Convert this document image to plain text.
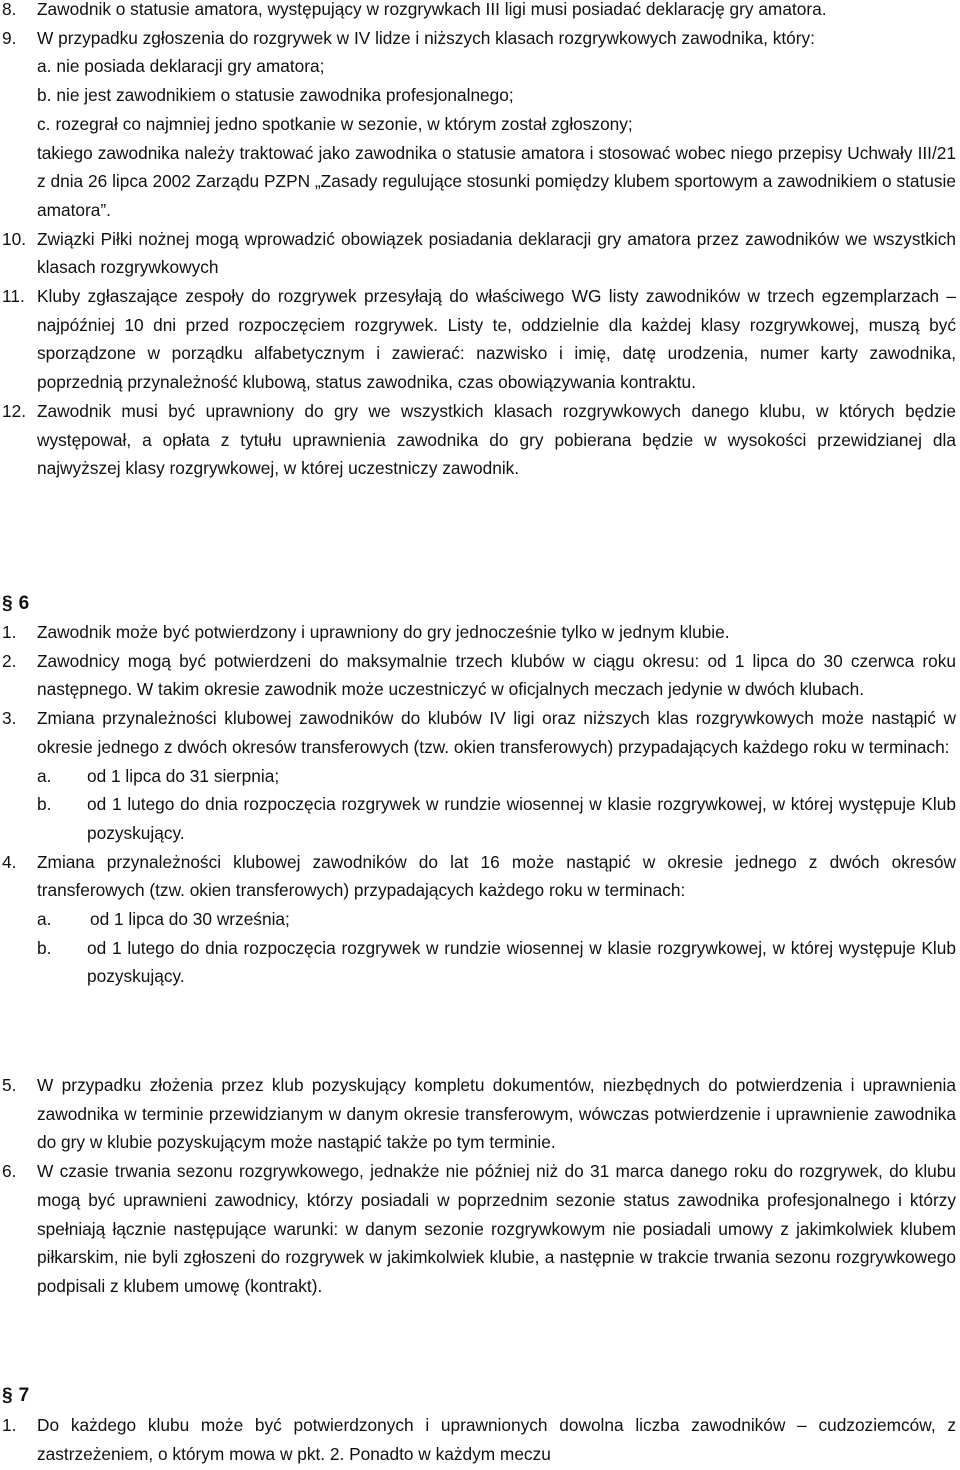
8.	Zawodnik o statusie amatora, występujący w rozgrywkach III ligi musi posiadać deklarację gry amatora.
9.	W przypadku zgłoszenia do rozgrywek w IV lidze i niższych klasach rozgrywkowych zawodnika, który:
a. nie posiada deklaracji gry amatora;
b. nie jest zawodnikiem o statusie zawodnika profesjonalnego;
c. rozegrał co najmniej jedno spotkanie w sezonie, w którym został zgłoszony;
takiego zawodnika należy traktować jako zawodnika o statusie amatora i stosować wobec niego przepisy Uchwały III/21 z dnia 26 lipca 2002 Zarządu PZPN „Zasady regulujące stosunki pomiędzy klubem sportowym a zawodnikiem o statusie amatora”.
10. Związki Piłki nożnej mogą wprowadzić obowiązek posiadania deklaracji gry amatora przez zawodników we wszystkich klasach rozgrywkowych
11. Kluby zgłaszające zespoły do rozgrywek przesyłają do właściwego WG listy zawodników w trzech egzemplarzach – najpóźniej 10 dni przed rozpoczęciem rozgrywek. Listy te, oddzielnie dla każdej klasy rozgrywkowej, muszą być sporządzone w porządku alfabetycznym i zawierać: nazwisko i imię, datę urodzenia, numer karty zawodnika, poprzednią przynależność klubową, status zawodnika, czas obowiązywania kontraktu.
12. Zawodnik musi być uprawniony do gry we wszystkich klasach rozgrywkowych danego klubu, w których będzie występował, a opłata z tytułu uprawnienia zawodnika do gry pobierana będzie w wysokości przewidzianej dla najwyższej klasy rozgrywkowej, w której uczestniczy zawodnik.
§ 6
1.	Zawodnik może być potwierdzony i uprawniony do gry jednocześnie tylko w jednym klubie.
2.	Zawodnicy mogą być potwierdzeni do maksymalnie trzech klubów w ciągu okresu: od 1 lipca do 30 czerwca roku następnego. W takim okresie zawodnik może uczestniczyć w oficjalnych meczach jedynie w dwóch klubach.
3.	Zmiana przynależności klubowej zawodników do klubów IV ligi oraz niższych klas rozgrywkowych może nastąpić w okresie jednego z dwóch okresów transferowych (tzw. okien transferowych) przypadających każdego roku w terminach:
a.	od 1 lipca do 31 sierpnia;
b.	od 1 lutego do dnia rozpoczęcia rozgrywek w rundzie wiosennej w klasie rozgrywkowej, w której występuje Klub pozyskujący.
4.	Zmiana przynależności klubowej zawodników do lat 16 może nastąpić w okresie jednego z dwóch okresów transferowych (tzw. okien transferowych) przypadających każdego roku w terminach:
a.	od 1 lipca do 30 września;
b.	od 1 lutego do dnia rozpoczęcia rozgrywek w rundzie wiosennej w klasie rozgrywkowej, w której występuje Klub pozyskujący.
5.	W przypadku złożenia przez klub pozyskujący kompletu dokumentów, niezbędnych do potwierdzenia i uprawnienia zawodnika w terminie przewidzianym w danym okresie transferowym, wówczas potwierdzenie i uprawnienie zawodnika do gry w klubie pozyskującym może nastąpić także po tym terminie.
6.	W czasie trwania sezonu rozgrywkowego, jednakże nie później niż do 31 marca danego roku do rozgrywek, do klubu mogą być uprawnieni zawodnicy, którzy posiadali w poprzednim sezonie status zawodnika profesjonalnego i którzy spełniają łącznie następujące warunki: w danym sezonie rozgrywkowym nie posiadali umowy z jakimkolwiek klubem piłkarskim, nie byli zgłoszeni do rozgrywek w jakimkolwiek klubie, a następnie w trakcie trwania sezonu rozgrywkowego podpisali z klubem umowę (kontrakt).
§ 7
1.	Do każdego klubu może być potwierdzonych i uprawnionych dowolna liczba zawodników – cudzoziemców, z zastrzeżeniem, o którym mowa w pkt. 2. Ponadto w każdym meczu
